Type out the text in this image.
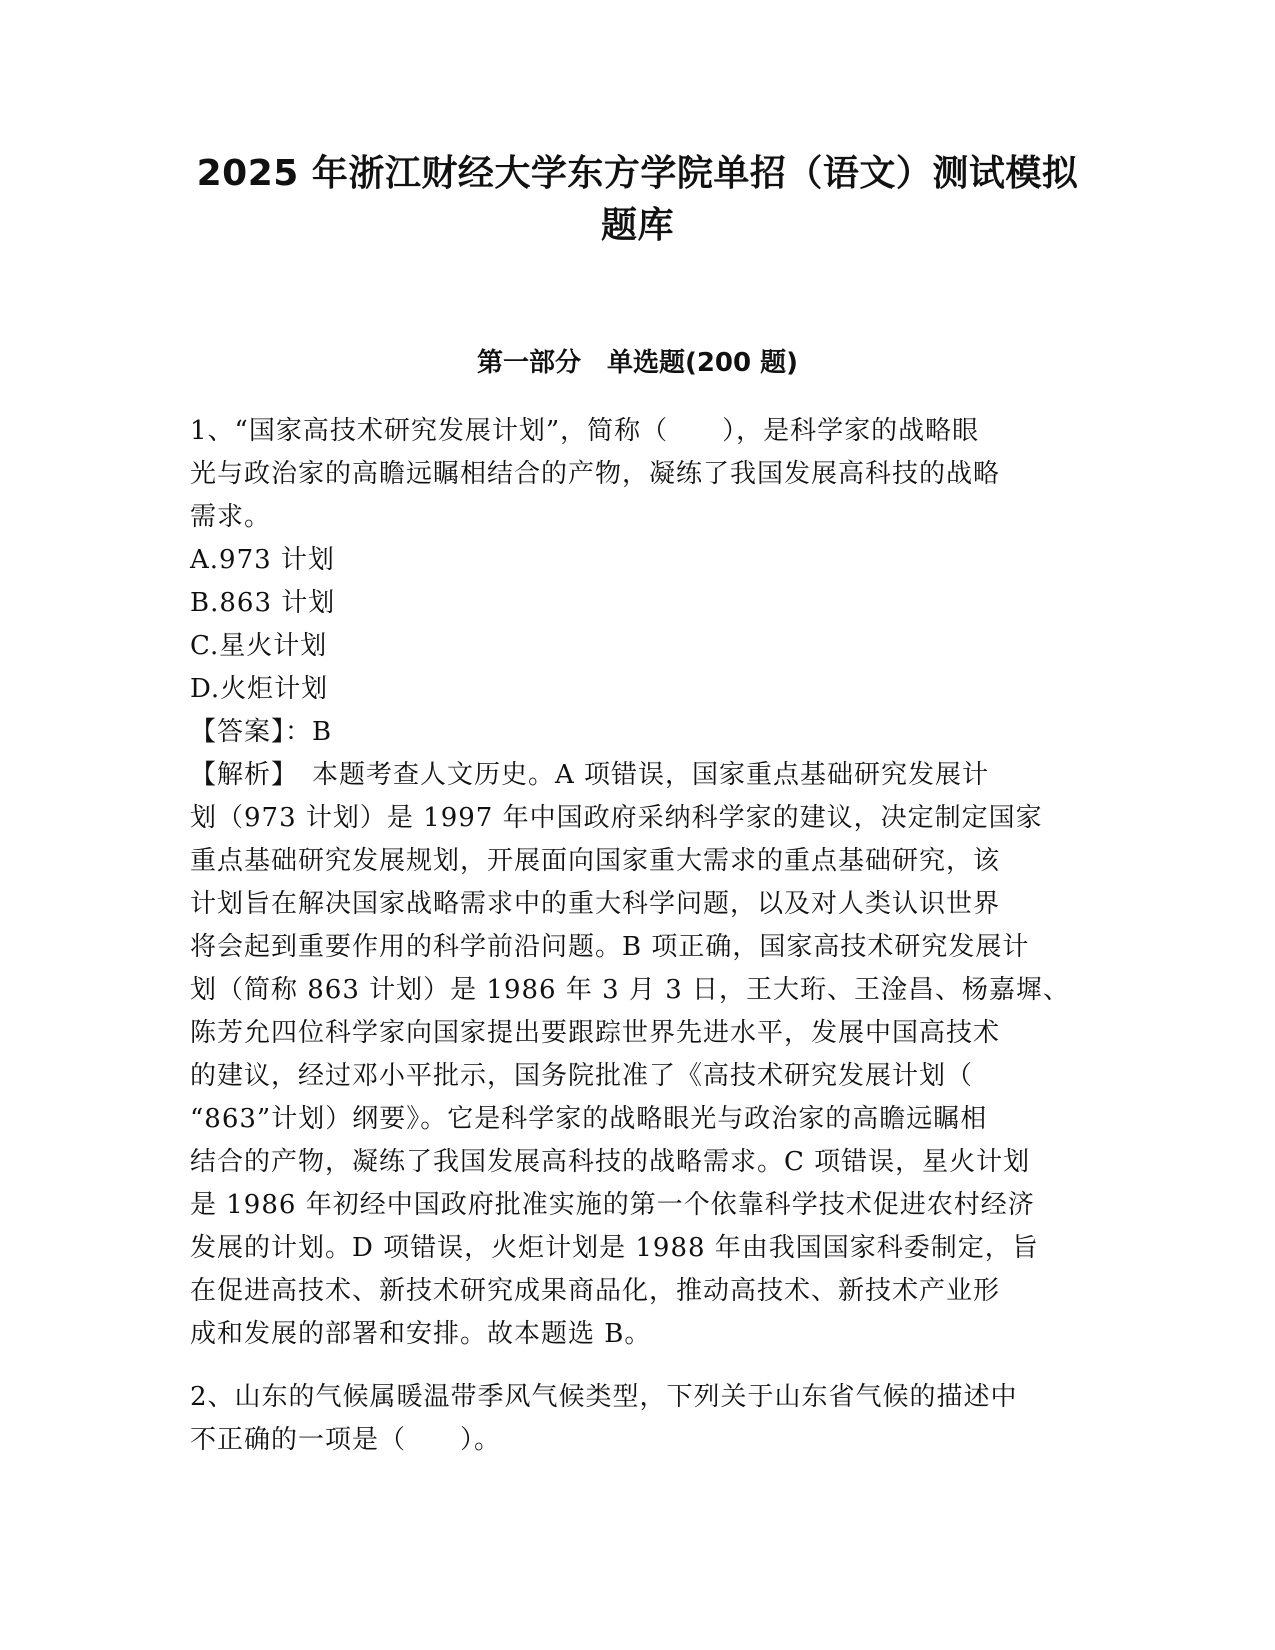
2025 年浙江财经大学东方学院单招（语文）测试模拟
题库
第一部分　单选题(200 题)
1、“国家高技术研究发展计划”，简称（　　），是科学家的战略眼
光与政治家的高瞻远瞩相结合的产物，凝练了我国发展高科技的战略
需求。
A.973 计划
B.863 计划
C.星火计划
D.火炬计划
【答案】：B
【解析】　本题考查人文历史。A 项错误，国家重点基础研究发展计
划（973 计划）是 1997 年中国政府采纳科学家的建议，决定制定国家
重点基础研究发展规划，开展面向国家重大需求的重点基础研究，该
计划旨在解决国家战略需求中的重大科学问题，以及对人类认识世界
将会起到重要作用的科学前沿问题。B 项正确，国家高技术研究发展计
划（简称 863 计划）是 1986 年 3 月 3 日，王大珩、王淦昌、杨嘉墀、
陈芳允四位科学家向国家提出要跟踪世界先进水平，发展中国高技术
的建议，经过邓小平批示，国务院批准了《高技术研究发展计划（
“863”计划）纲要》。它是科学家的战略眼光与政治家的高瞻远瞩相
结合的产物，凝练了我国发展高科技的战略需求。C 项错误，星火计划
是 1986 年初经中国政府批准实施的第一个依靠科学技术促进农村经济
发展的计划。D 项错误，火炬计划是 1988 年由我国国家科委制定，旨
在促进高技术、新技术研究成果商品化，推动高技术、新技术产业形
成和发展的部署和安排。故本题选 B。
2、山东的气候属暖温带季风气候类型，下列关于山东省气候的描述中
不正确的一项是（　　）。
